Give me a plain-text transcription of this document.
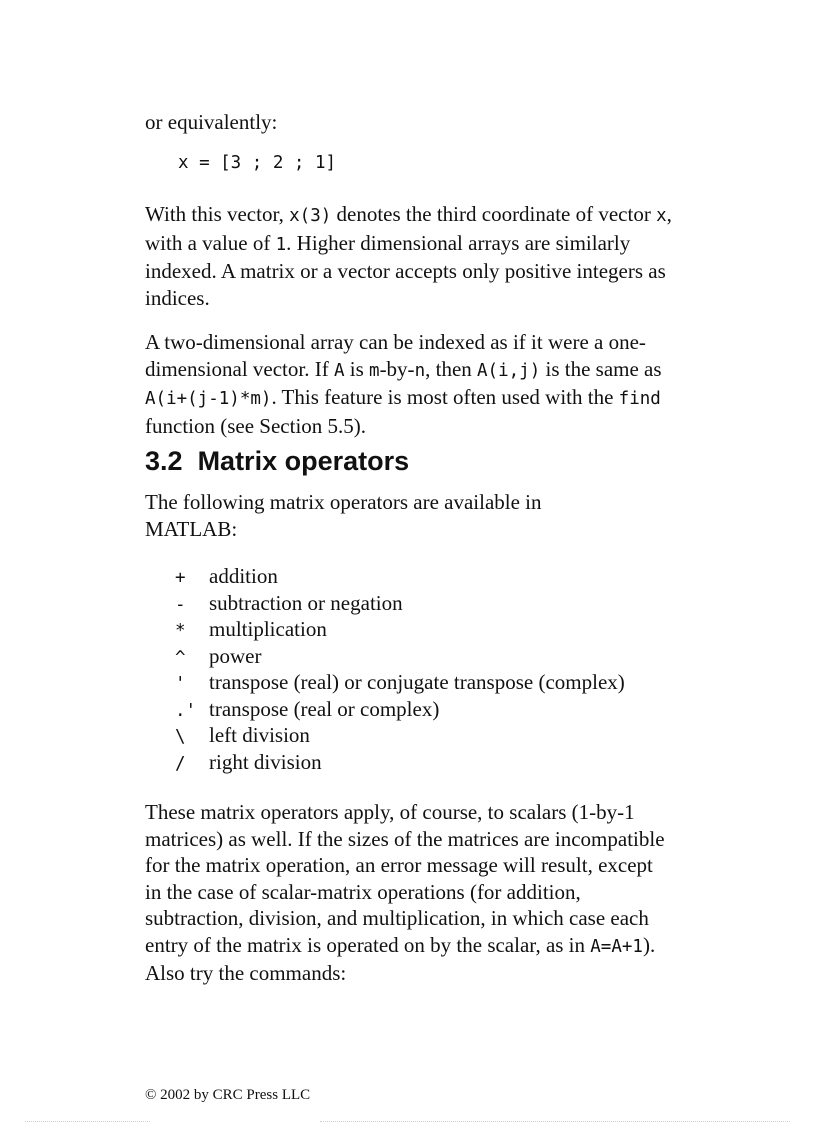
or equivalently:

x = [3 ; 2 ; 1]

With this vector, x(3) denotes the third coordinate of vector x, with a value of 1. Higher dimensional arrays are similarly indexed. A matrix or a vector accepts only positive integers as indices.

A two-dimensional array can be indexed as if it were a one-dimensional vector. If A is m-by-n, then A(i,j) is the same as A(i+(j-1)*m). This feature is most often used with the find function (see Section 5.5).

3.2 Matrix operators

The following matrix operators are available in MATLAB:

+ addition
- subtraction or negation
* multiplication
^ power
' transpose (real) or conjugate transpose (complex)
.' transpose (real or complex)
\ left division
/ right division

These matrix operators apply, of course, to scalars (1-by-1 matrices) as well. If the sizes of the matrices are incompatible for the matrix operation, an error message will result, except in the case of scalar-matrix operations (for addition, subtraction, division, and multiplication, in which case each entry of the matrix is operated on by the scalar, as in A=A+1). Also try the commands:

© 2002 by CRC Press LLC
